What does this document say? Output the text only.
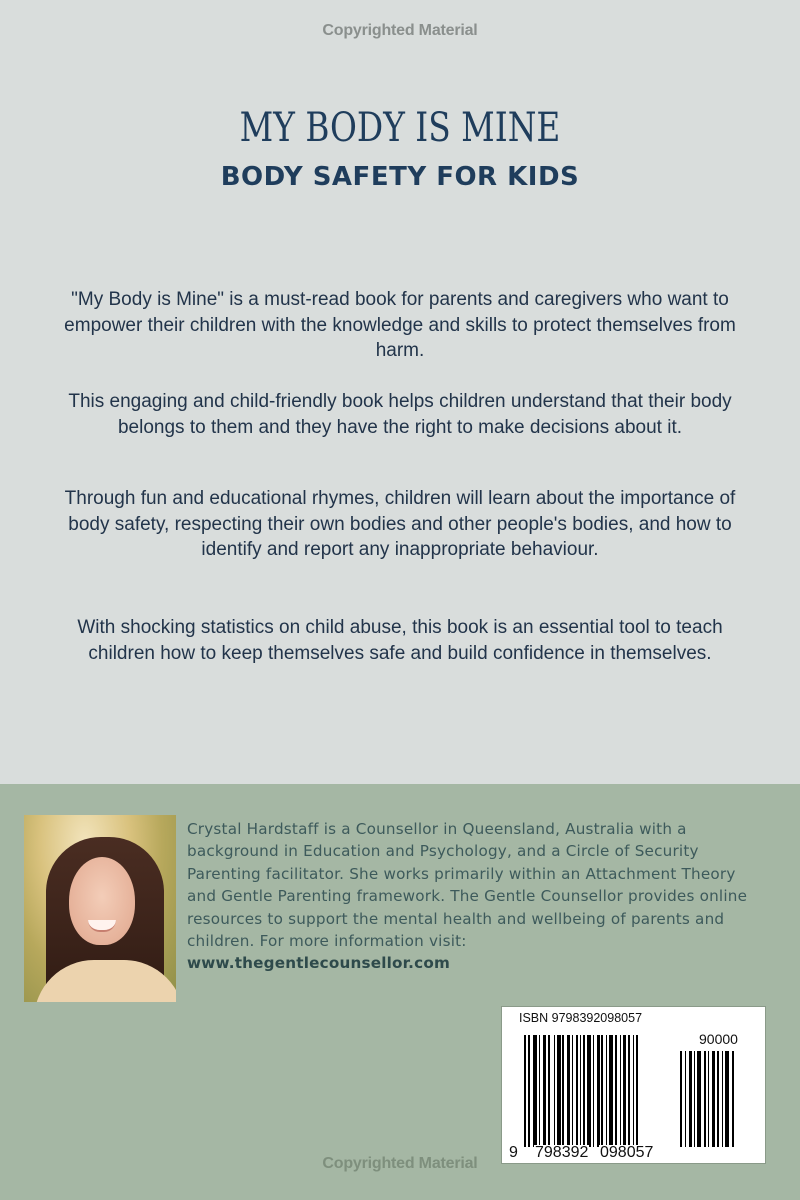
Copyrighted Material
MY BODY IS MINE
BODY SAFETY FOR KIDS
"My Body is Mine" is a must-read book for parents and caregivers who want to empower their children with the knowledge and skills to protect themselves from harm.
This engaging and child-friendly book helps children understand that their body belongs to them and they have the right to make decisions about it.
Through fun and educational rhymes, children will learn about the importance of body safety, respecting their own bodies and other people's bodies, and how to identify and report any inappropriate behaviour.
With shocking statistics on child abuse, this book is an essential tool to teach children how to keep themselves safe and build confidence in themselves.
Crystal Hardstaff is a Counsellor in Queensland, Australia with a background in Education and Psychology, and a Circle of Security Parenting facilitator. She works primarily within an Attachment Theory and Gentle Parenting framework. The Gentle Counsellor provides online resources to support the mental health and wellbeing of parents and children. For more information visit:
www.thegentlecounsellor.com
ISBN 9798392098057
90000
9 798392 098057
Copyrighted Material
